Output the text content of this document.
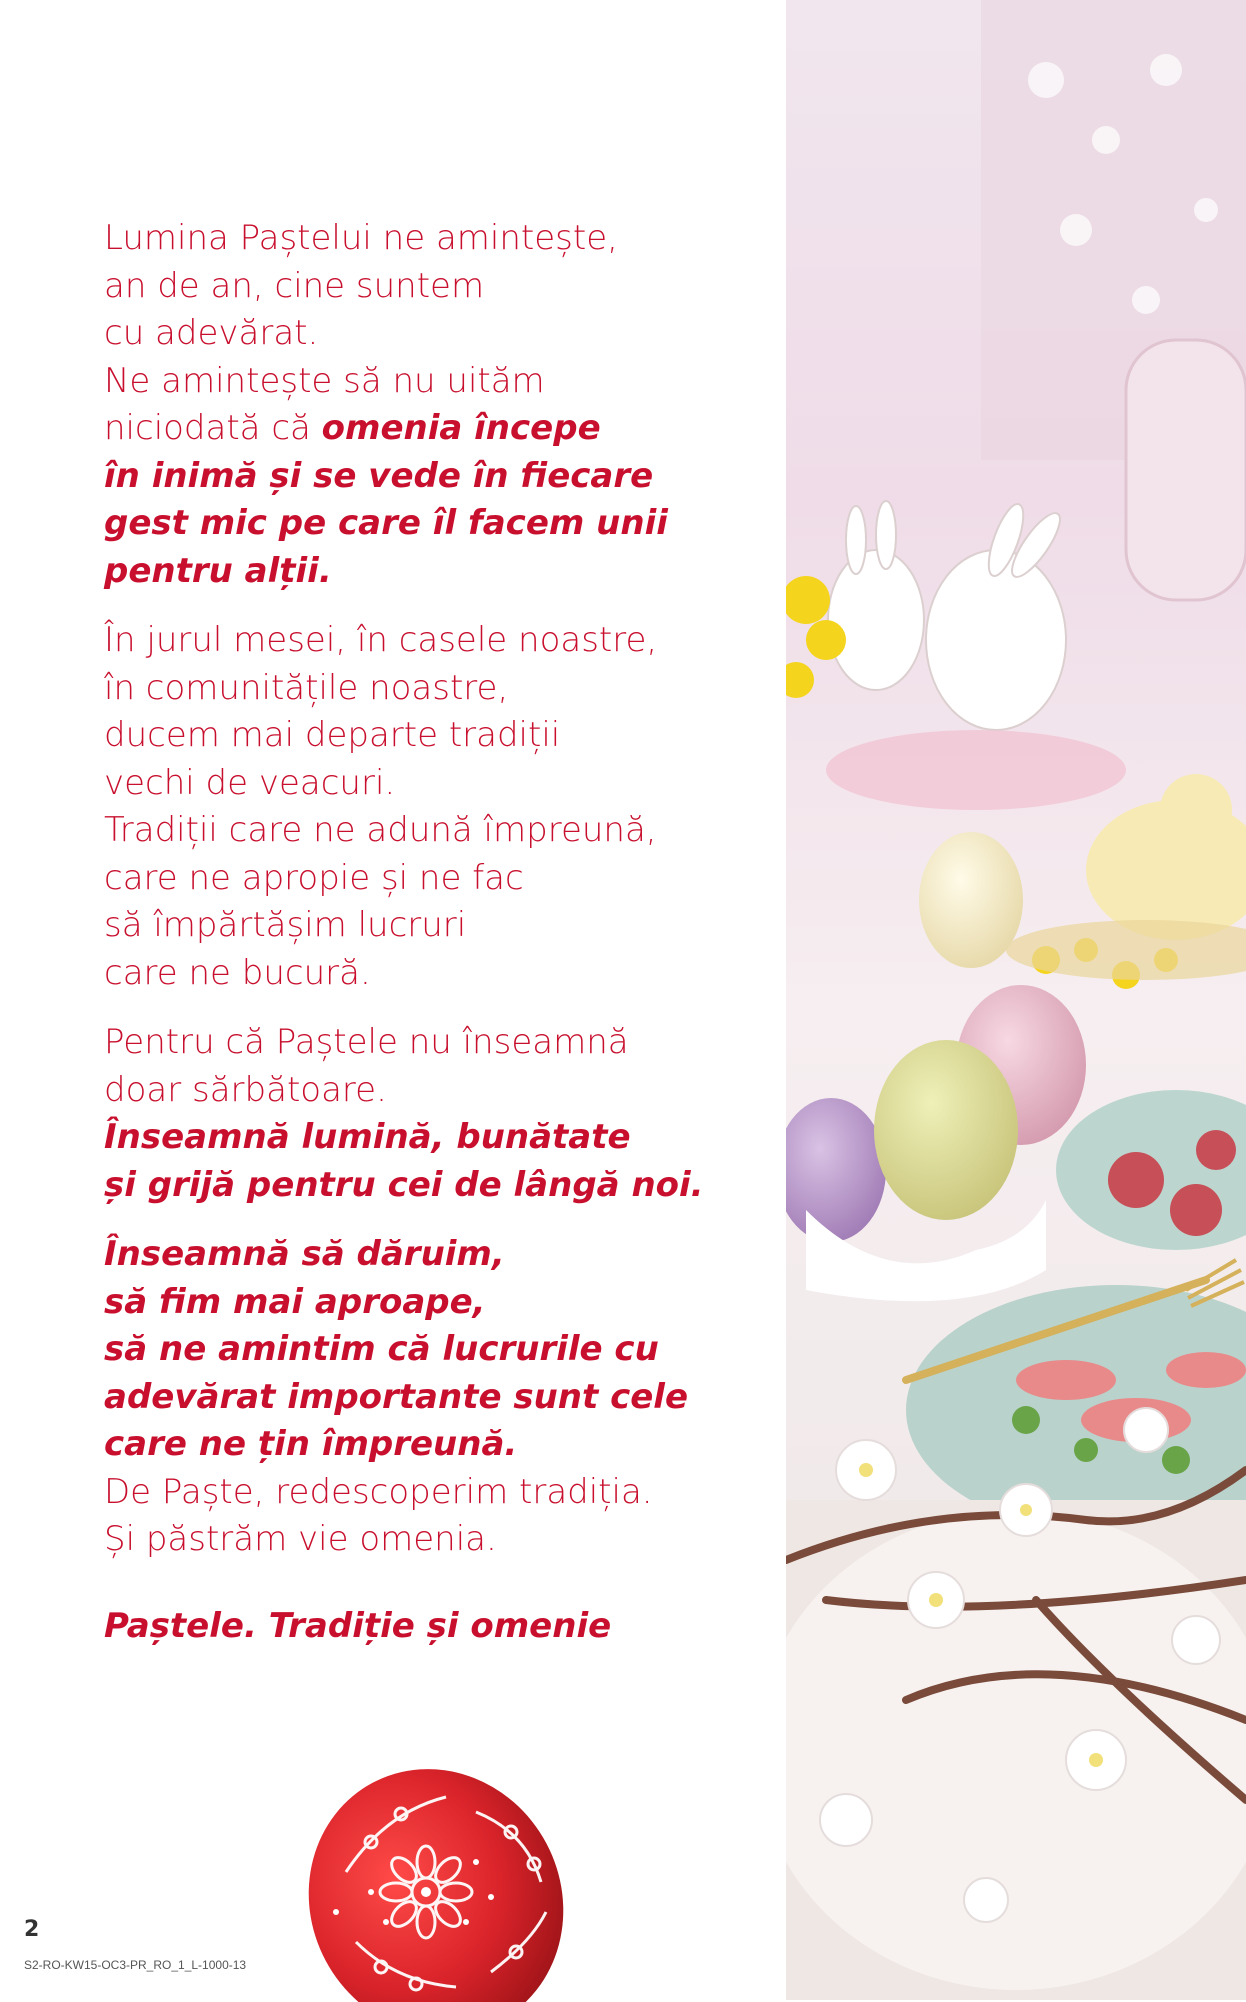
Lumina Paștelui ne amintește,
an de an, cine suntem
cu adevărat.
Ne amintește să nu uităm
niciodată că omenia începe
în inimă și se vede în fiecare
gest mic pe care îl facem unii
pentru alții.

În jurul mesei, în casele noastre,
în comunitățile noastre,
ducem mai departe tradiții
vechi de veacuri.
Tradiții care ne adună împreună,
care ne apropie și ne fac
să împărtășim lucruri
care ne bucură.

Pentru că Paștele nu înseamnă
doar sărbătoare.
Înseamnă lumină, bunătate
și grijă pentru cei de lângă noi.

Înseamnă să dăruim,
să fim mai aproape,
să ne amintim că lucrurile cu
adevărat importante sunt cele
care ne țin împreună.
De Paște, redescoperim tradiția.
Și păstrăm vie omenia.

Paștele. Tradiție și omenie
2
S2-RO-KW15-OC3-PR_RO_1_L-1000-13
